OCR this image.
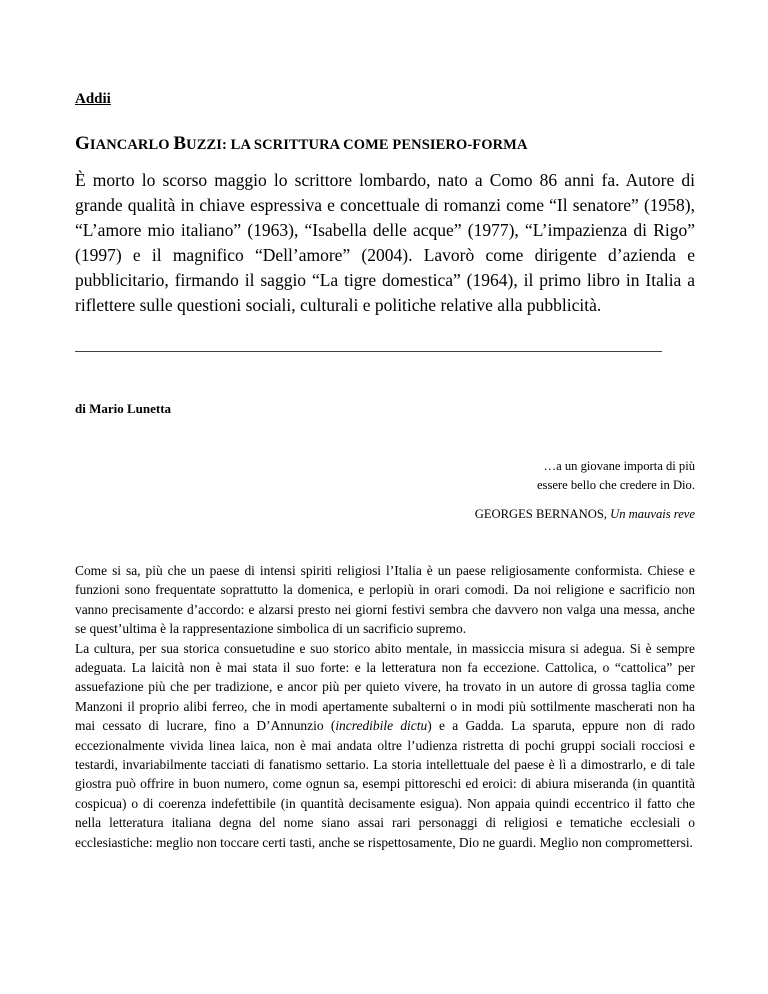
Addii
GIANCARLO BUZZI: LA SCRITTURA COME PENSIERO-FORMA

È morto lo scorso maggio lo scrittore lombardo, nato a Como 86 anni fa. Autore di grande qualità in chiave espressiva e concettuale di romanzi come “Il senatore” (1958), “L’amore mio italiano” (1963), “Isabella delle acque” (1977), “L’impazienza di Rigo” (1997) e il magnifico “Dell’amore” (2004). Lavorò come dirigente d’azienda e pubblicitario, firmando il saggio “La tigre domestica” (1964), il primo libro in Italia a riflettere sulle questioni sociali, culturali e politiche relative alla pubblicità.

di Mario Lunetta

…a un giovane importa di più
essere bello che credere in Dio.
GEORGES BERNANOS, Un mauvais reve

Come si sa, più che un paese di intensi spiriti religiosi l’Italia è un paese religiosamente conformista. Chiese e funzioni sono frequentate soprattutto la domenica, e perlopiù in orari comodi. Da noi religione e sacrificio non vanno precisamente d’accordo: e alzarsi presto nei giorni festivi sembra che davvero non valga una messa, anche se quest’ultima è la rappresentazione simbolica di un sacrificio supremo.

La cultura, per sua storica consuetudine e suo storico abito mentale, in massiccia misura si adegua. Si è sempre adeguata. La laicità non è mai stata il suo forte: e la letteratura non fa eccezione. Cattolica, o “cattolica” per assuefazione più che per tradizione, e ancor più per quieto vivere, ha trovato in un autore di grossa taglia come Manzoni il proprio alibi ferreo, che in modi apertamente subalterni o in modi più sottilmente mascherati non ha mai cessato di lucrare, fino a D’Annunzio (incredibile dictu) e a Gadda. La sparuta, eppure non di rado eccezionalmente vivida linea laica, non è mai andata oltre l’udienza ristretta di pochi gruppi sociali rocciosi e testardi, invariabilmente tacciati di fanatismo settario. La storia intellettuale del paese è lì a dimostrarlo, e di tale giostra può offrire in buon numero, come ognun sa, esempi pittoreschi ed eroici: di abiura miseranda (in quantità cospicua) o di coerenza indefettibile (in quantità decisamente esigua). Non appaia quindi eccentrico il fatto che nella letteratura italiana degna del nome siano assai rari personaggi di religiosi e tematiche ecclesiali o ecclesiastiche: meglio non toccare certi tasti, anche se rispettosamente, Dio ne guardi. Meglio non compromettersi.
